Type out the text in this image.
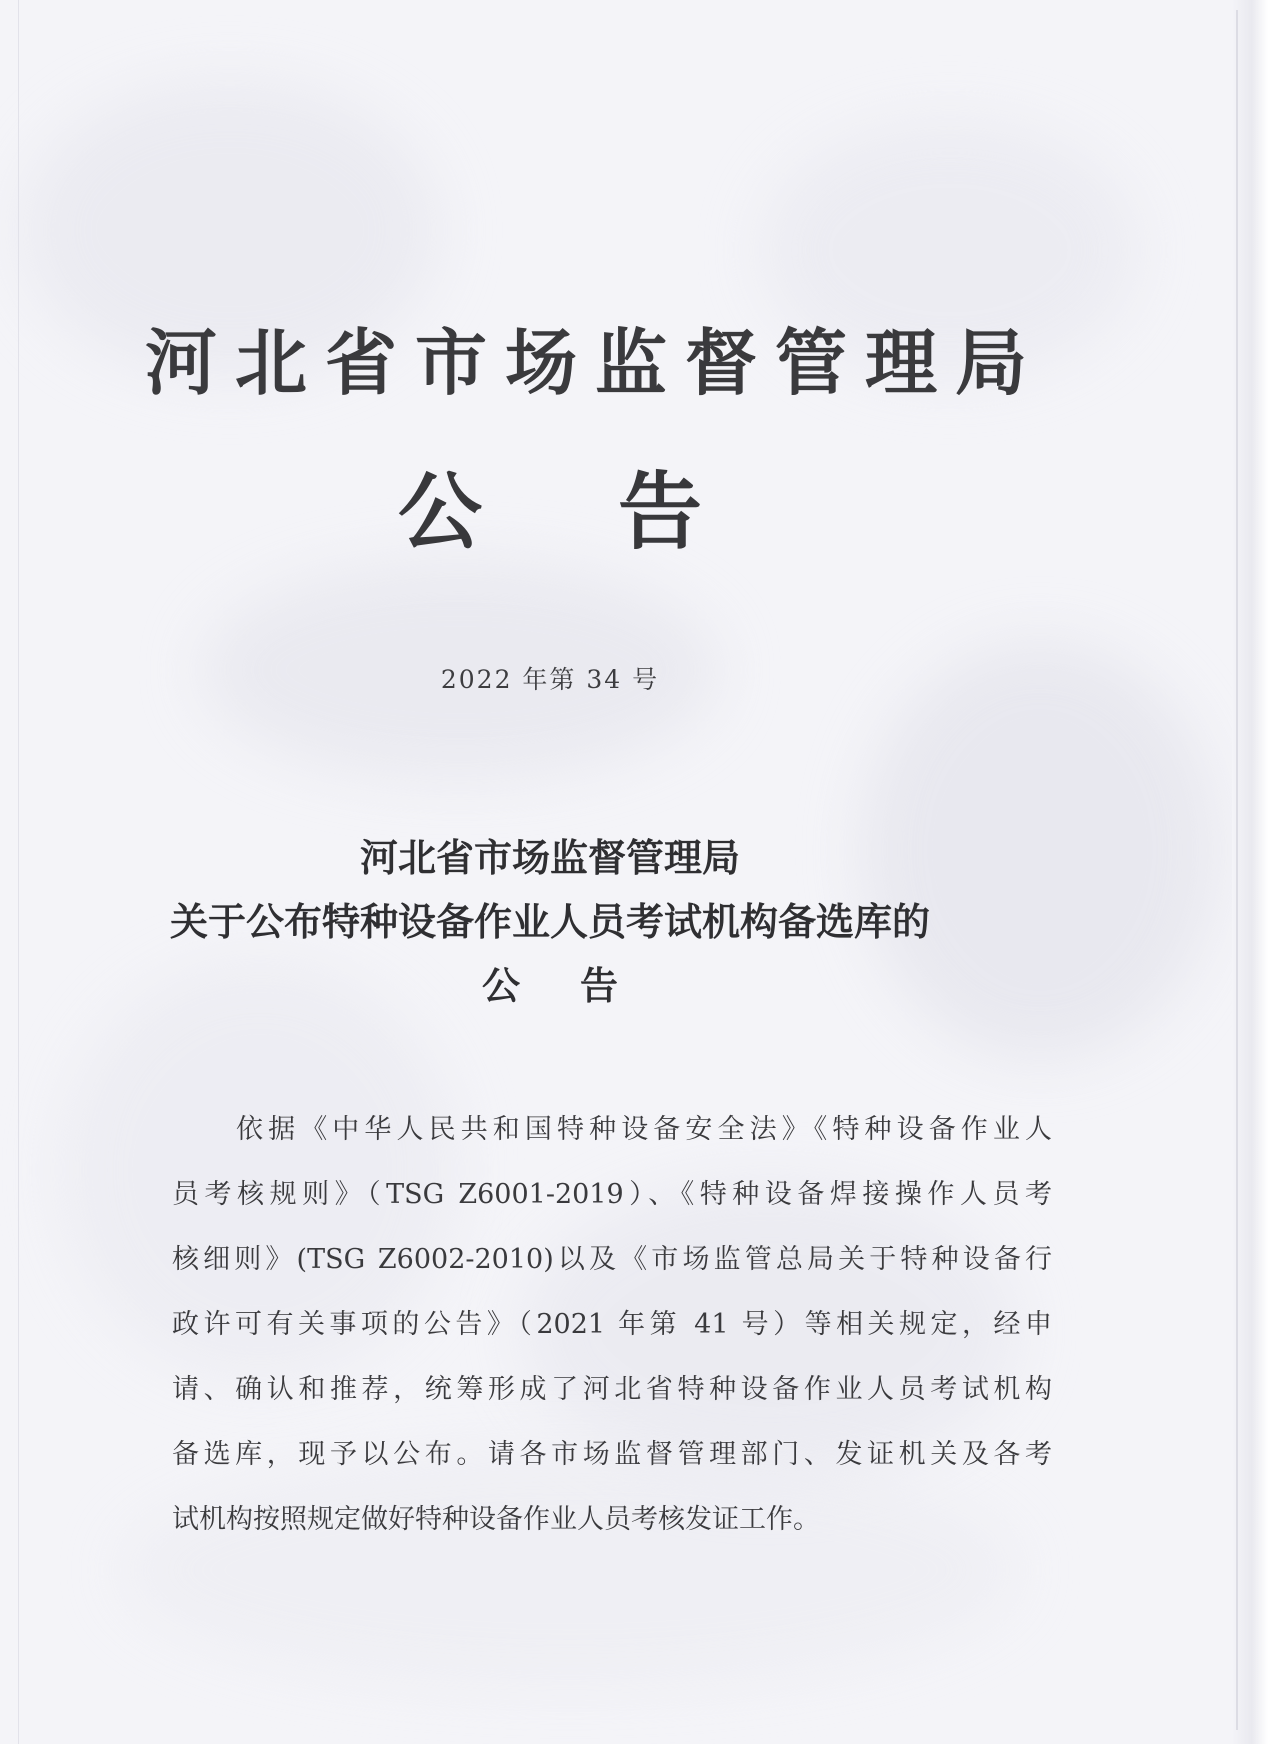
河北省市场监督管理局
公 告
2022 年第 34 号
河北省市场监督管理局
关于公布特种设备作业人员考试机构备选库的
公 告
依据《中华人民共和国特种设备安全法》《特种设备作业人
员考核规则》（TSG Z6001-2019）、《特种设备焊接操作人员考
核细则》(TSG Z6002-2010)以及《市场监管总局关于特种设备行
政许可有关事项的公告》（2021 年第 41 号）等相关规定，经申
请、确认和推荐，统筹形成了河北省特种设备作业人员考试机构
备选库，现予以公布。请各市场监督管理部门、发证机关及各考
试机构按照规定做好特种设备作业人员考核发证工作。
